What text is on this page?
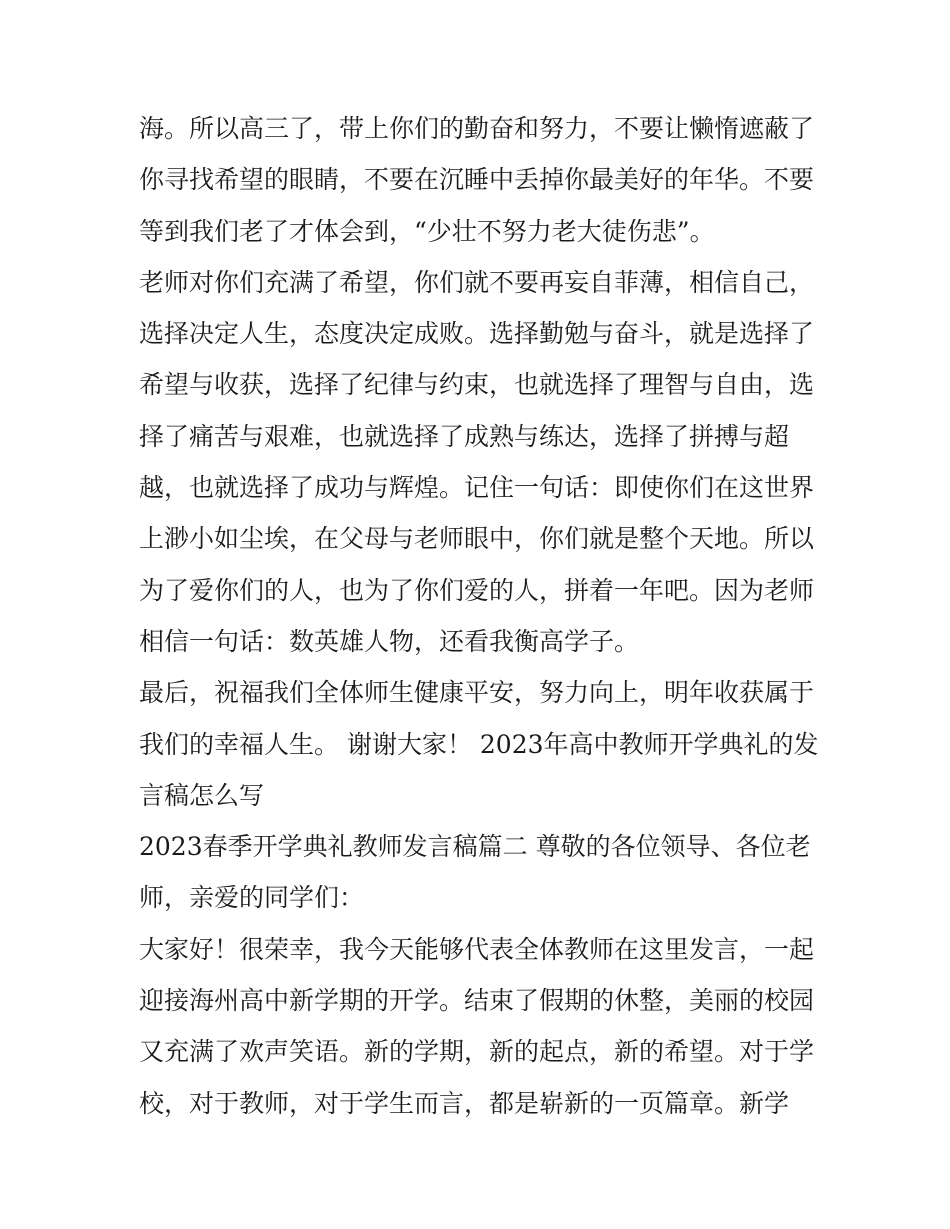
海。所以高三了，带上你们的勤奋和努力，不要让懒惰遮蔽了
你寻找希望的眼睛，不要在沉睡中丢掉你最美好的年华。不要
等到我们老了才体会到，“少壮不努力老大徒伤悲”。
老师对你们充满了希望，你们就不要再妄自菲薄，相信自己，
选择决定人生，态度决定成败。选择勤勉与奋斗，就是选择了
希望与收获，选择了纪律与约束，也就选择了理智与自由，选
择了痛苦与艰难，也就选择了成熟与练达，选择了拼搏与超
越，也就选择了成功与辉煌。记住一句话：即使你们在这世界
上渺小如尘埃，在父母与老师眼中，你们就是整个天地。所以
为了爱你们的人，也为了你们爱的人，拼着一年吧。因为老师
相信一句话：数英雄人物，还看我衡高学子。
最后，祝福我们全体师生健康平安，努力向上，明年收获属于
我们的幸福人生。 谢谢大家！ 2023年高中教师开学典礼的发
言稿怎么写
2023春季开学典礼教师发言稿篇二 尊敬的各位领导、各位老
师，亲爱的同学们：
大家好！很荣幸，我今天能够代表全体教师在这里发言，一起
迎接海州高中新学期的开学。结束了假期的休整，美丽的校园
又充满了欢声笑语。新的学期，新的起点，新的希望。对于学
校，对于教师，对于学生而言，都是崭新的一页篇章。新学
